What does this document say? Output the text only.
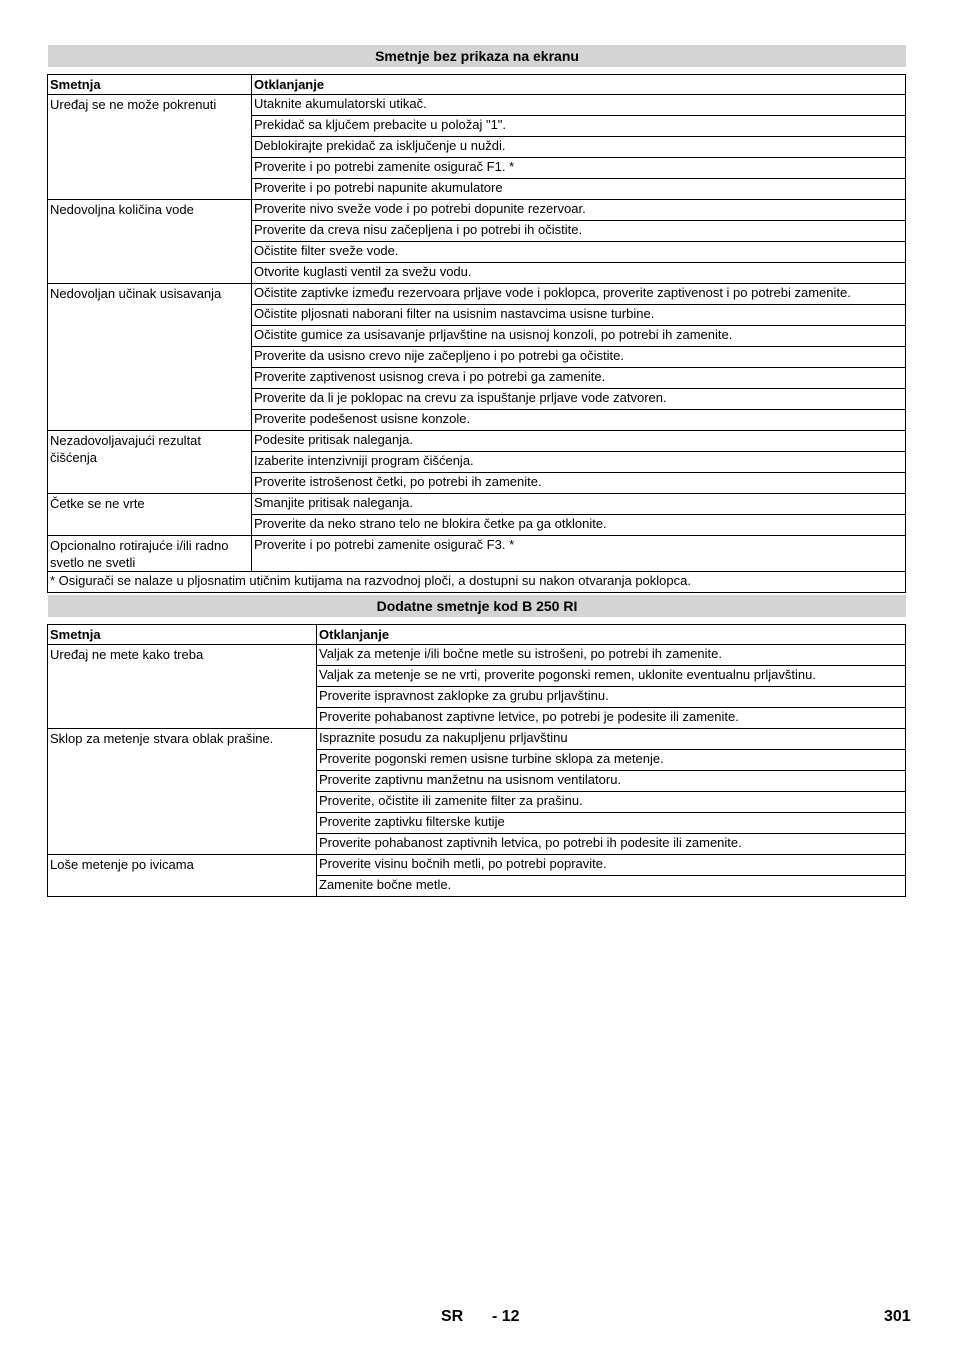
Smetnje bez prikaza na ekranu
Smetnja	Otklanjanje
Uređaj se ne može pokrenuti	Utaknite akumulatorski utikač.
	Prekidač sa ključem prebacite u položaj "1".
	Deblokirajte prekidač za isključenje u nuždi.
	Proverite i po potrebi zamenite osigurač F1. *
	Proverite i po potrebi napunite akumulatore
Nedovoljna količina vode	Proverite nivo sveže vode i po potrebi dopunite rezervoar.
	Proverite da creva nisu začepljena i po potrebi ih očistite.
	Očistite filter sveže vode.
	Otvorite kuglasti ventil za svežu vodu.
Nedovoljan učinak usisavanja	Očistite zaptivke između rezervoara prljave vode i poklopca, proverite zaptivenost i po potrebi zamenite.
	Očistite pljosnati naborani filter na usisnim nastavcima usisne turbine.
	Očistite gumice za usisavanje prljavštine na usisnoj konzoli, po potrebi ih zamenite.
	Proverite da usisno crevo nije začepljeno i po potrebi ga očistite.
	Proverite zaptivenost usisnog creva i po potrebi ga zamenite.
	Proverite da li je poklopac na crevu za ispuštanje prljave vode zatvoren.
	Proverite podešenost usisne konzole.
Nezadovoljavajući rezultat čišćenja	Podesite pritisak naleganja.
	Izaberite intenzivniji program čišćenja.
	Proverite istrošenost četki, po potrebi ih zamenite.
Četke se ne vrte	Smanjite pritisak naleganja.
	Proverite da neko strano telo ne blokira četke pa ga otklonite.
Opcionalno rotirajuće i/ili radno svetlo ne svetli	Proverite i po potrebi zamenite osigurač F3. *
* Osigurači se nalaze u pljosnatim utičnim kutijama na razvodnoj ploči, a dostupni su nakon otvaranja poklopca.	
Dodatne smetnje kod B 250 RI
Smetnja	Otklanjanje
Uređaj ne mete kako treba	Valjak za metenje i/ili bočne metle su istrošeni, po potrebi ih zamenite.
	Valjak za metenje se ne vrti, proverite pogonski remen, uklonite eventualnu prljavštinu.
	Proverite ispravnost zaklopke za grubu prljavštinu.
	Proverite pohabanost zaptivne letvice, po potrebi je podesite ili zamenite.
Sklop za metenje stvara oblak prašine.	Ispraznite posudu za nakupljenu prljavštinu
	Proverite pogonski remen usisne turbine sklopa za metenje.
	Proverite zaptivnu manžetnu na usisnom ventilatoru.
	Proverite, očistite ili zamenite filter za prašinu.
	Proverite zaptivku filterske kutije
	Proverite pohabanost zaptivnih letvica, po potrebi ih podesite ili zamenite.
Loše metenje po ivicama	Proverite visinu bočnih metli, po potrebi popravite.
	Zamenite bočne metle.
SR - 12	301
